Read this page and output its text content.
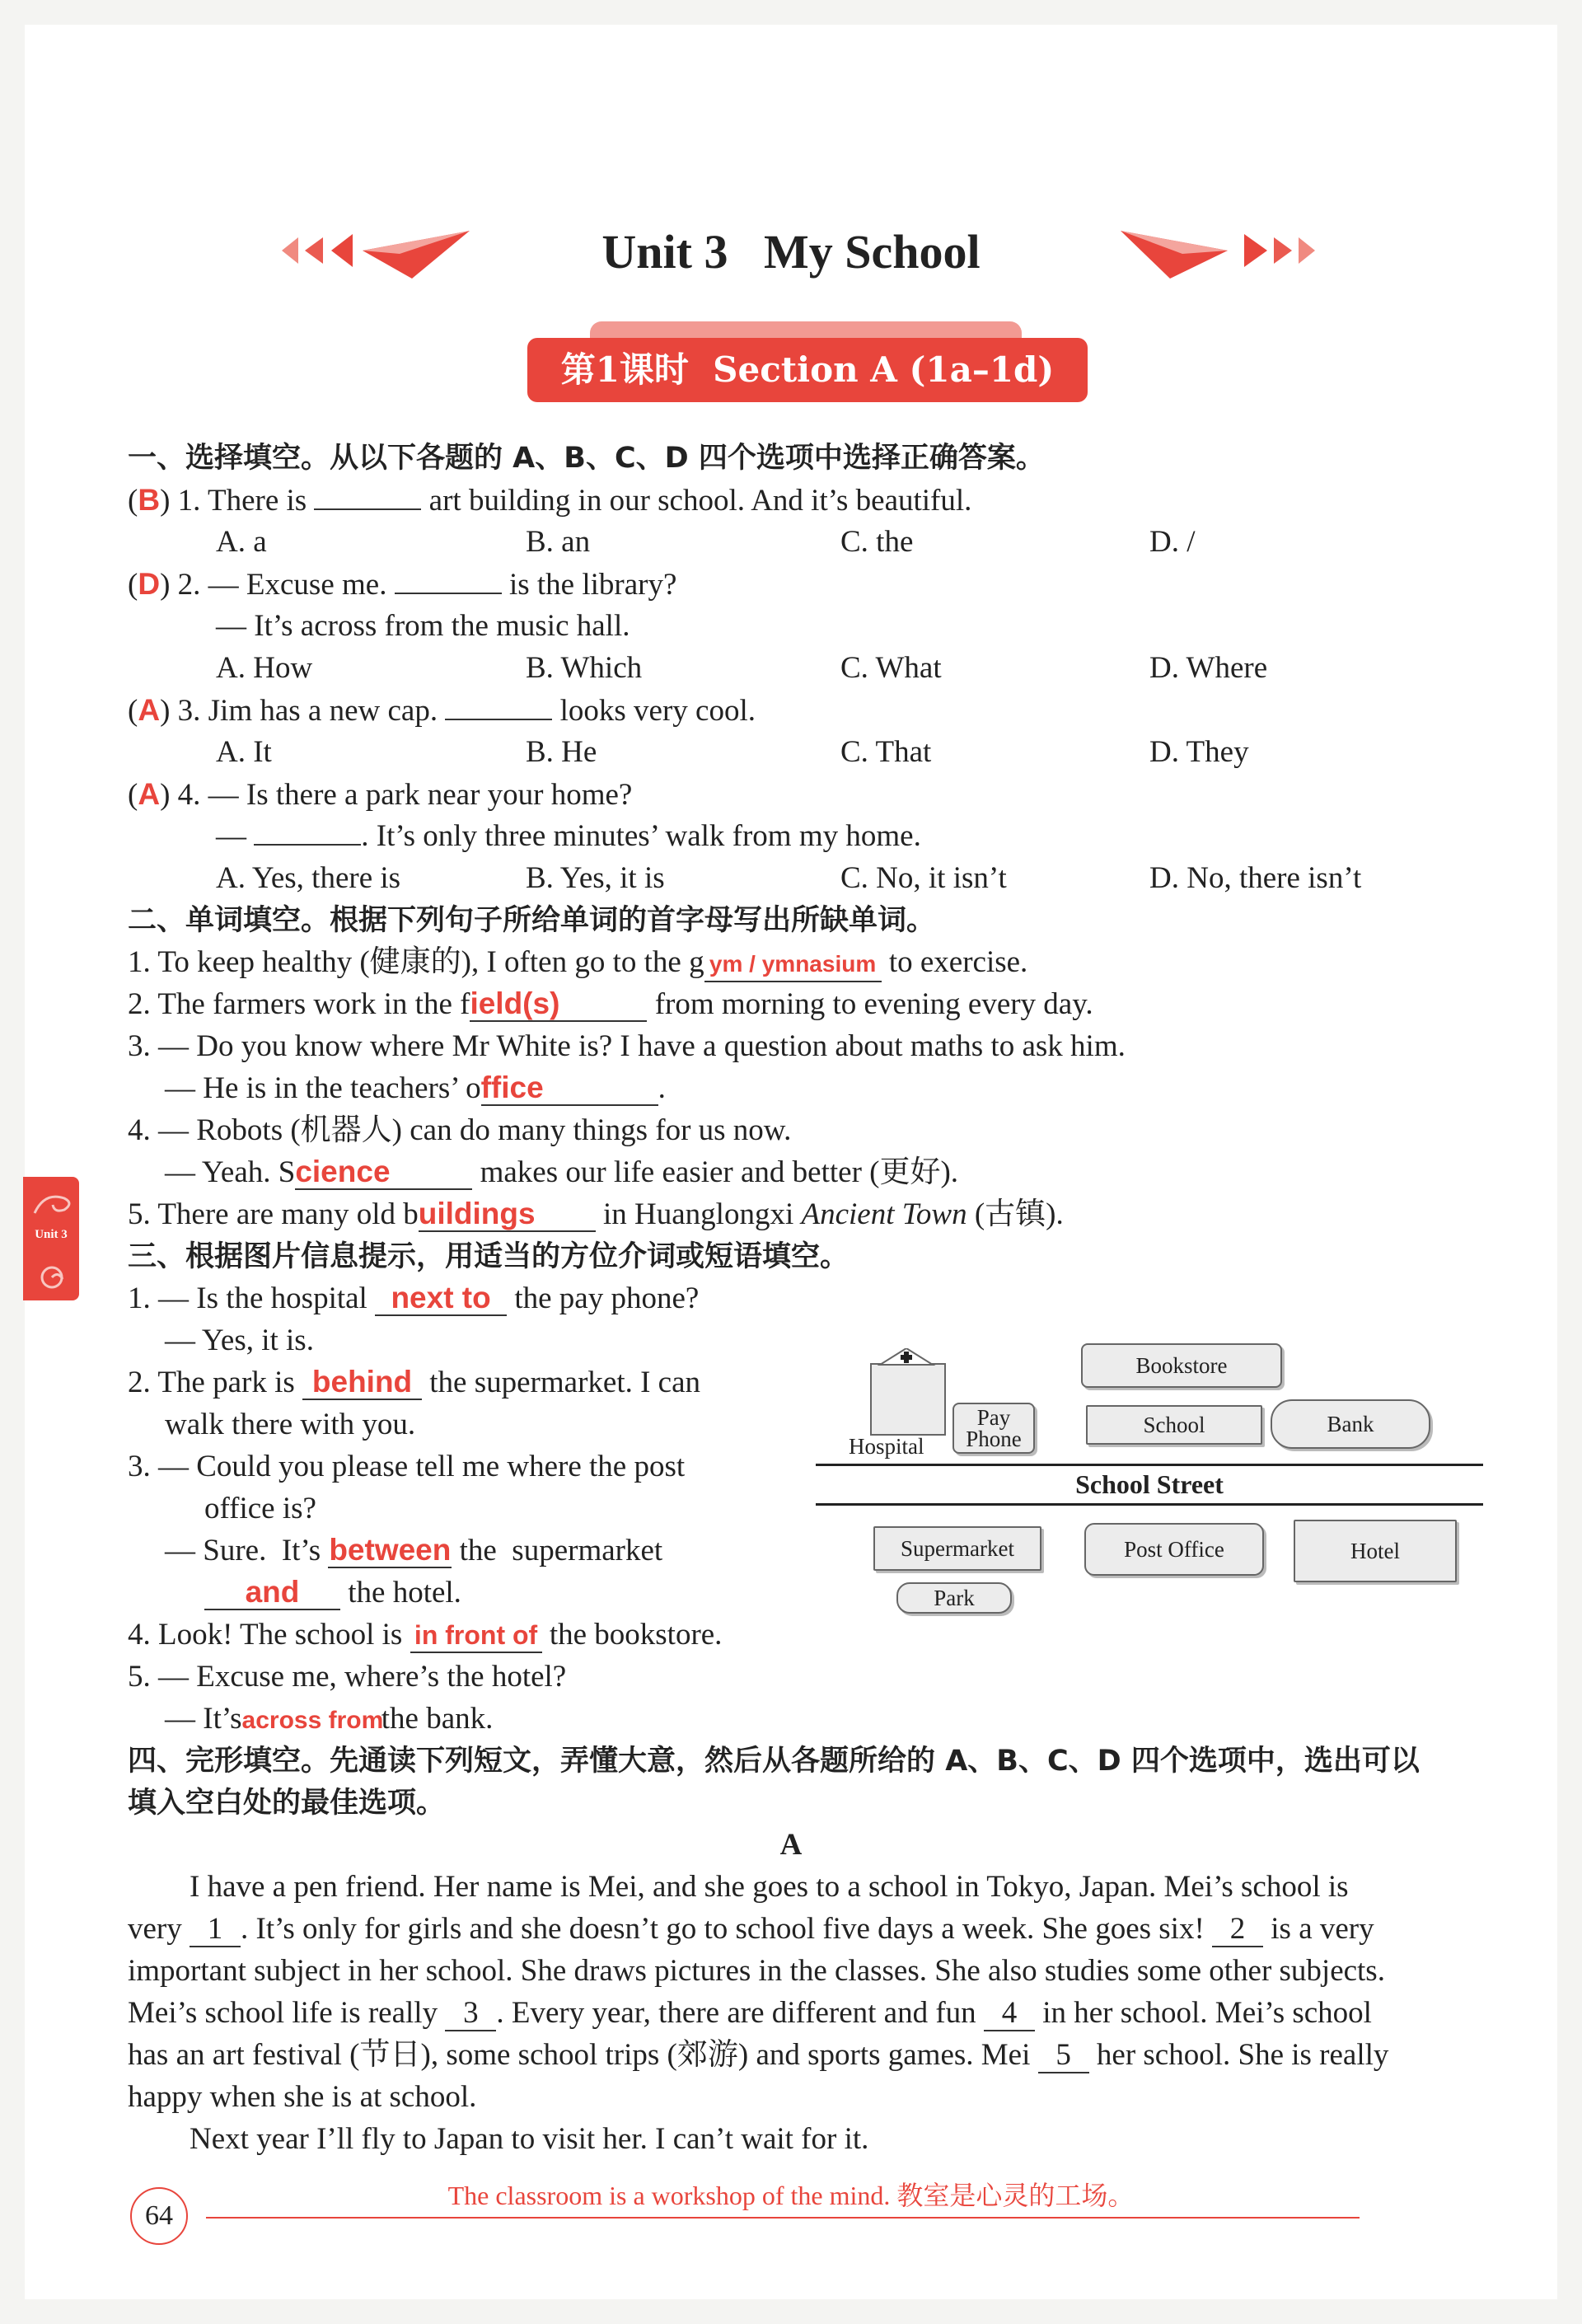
Unit 3   My School
第1课时  Section A (1a–1d)
Unit 3
一、选择填空。从以下各题的 A、B、C、D 四个选项中选择正确答案。
(B) 1. There is	art building in our school. And it’s beautiful.
A. a	B. an	C. the	D. /
(D) 2. — Excuse me.	is the library?
— It’s across from the music hall.
A. How	B. Which	C. What	D. Where
(A) 3. Jim has a new cap.	looks very cool.
A. It	B. He	C. That	D. They
(A) 4. — Is there a park near your home?
—	. It’s only three minutes’ walk from my home.
A. Yes, there is	B. Yes, it is	C. No, it isn’t	D. No, there isn’t
二、单词填空。根据下列句子所给单词的首字母写出所缺单词。
1. To keep healthy (健康的), I often go to the g ym / ymnasium to exercise.
2. The farmers work in the field(s)	from morning to evening every day.
3. — Do you know where Mr White is? I have a question about maths to ask him.
— He is in the teachers’ office	.
4. — Robots (机器人) can do many things for us now.
— Yeah. Science	makes our life easier and better (更好).
5. There are many old buildings in Huanglongxi Ancient Town (古镇).
三、根据图片信息提示，用适当的方位介词或短语填空。
1. — Is the hospital next to the pay phone?
— Yes, it is.
2. The park is behind the supermarket. I can
walk there with you.
3. — Could you please tell me where the post
office is?
— Sure.  It’s between the  supermarket
and the hotel.
4. Look! The school is in front of the bookstore.
5. — Excuse me, where’s the hotel?
— It’sacross from the bank.
Hospital
Pay
Phone
Bookstore
School	Bank
School Street
Supermarket	Post Office	Hotel
Park
四、完形填空。先通读下列短文，弄懂大意，然后从各题所给的 A、B、C、D 四个选项中，选出可以
填入空白处的最佳选项。
A
I have a pen friend. Her name is Mei, and she goes to a school in Tokyo, Japan. Mei’s school is
very 1 . It’s only for girls and she doesn’t go to school five days a week. She goes six! 2 is a very
important subject in her school. She draws pictures in the classes. She also studies some other subjects.
Mei’s school life is really 3 . Every year, there are different and fun 4 in her school. Mei’s school
has an art festival (节日), some school trips (郊游) and sports games. Mei 5 her school. She is really
happy when she is at school.
Next year I’ll fly to Japan to visit her. I can’t wait for it.
64
The classroom is a workshop of the mind. 教室是心灵的工场。
